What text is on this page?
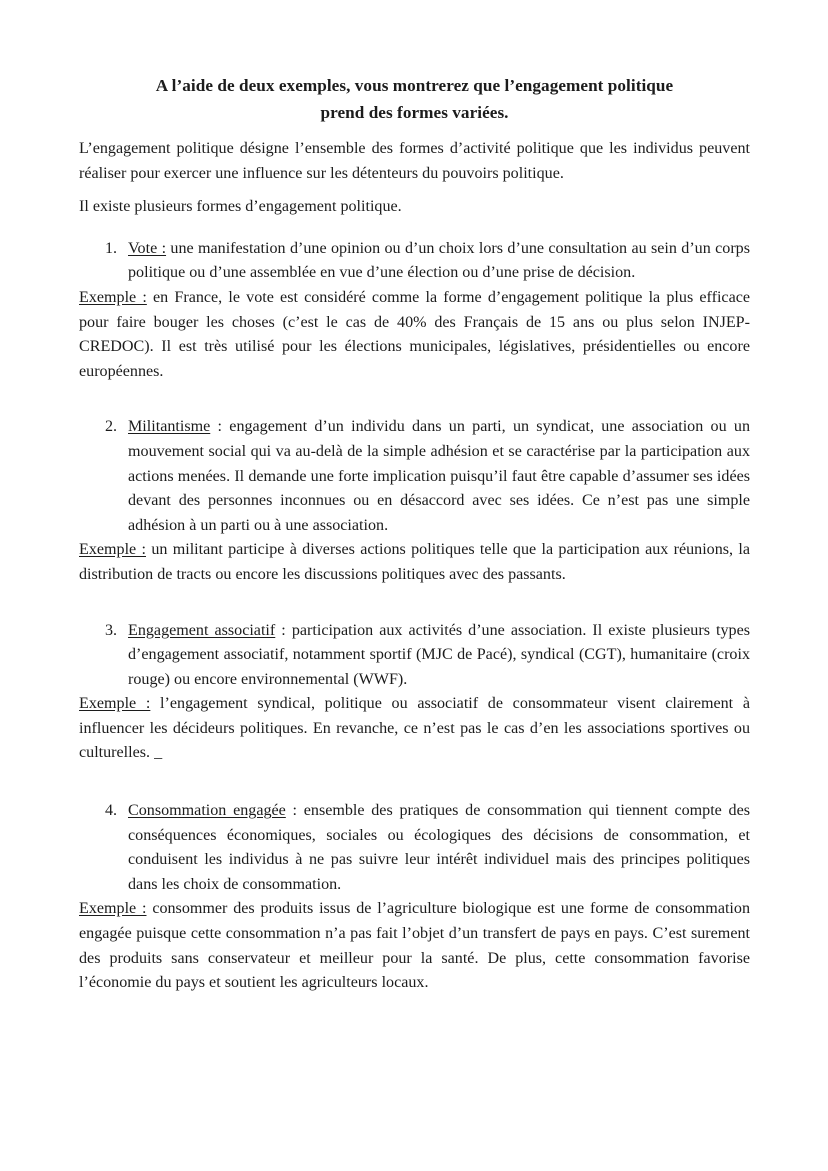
A l’aide de deux exemples, vous montrerez que l’engagement politique
prend des formes variées.

L’engagement politique désigne l’ensemble des formes d’activité politique que les individus peuvent réaliser pour exercer une influence sur les détenteurs du pouvoirs politique.

Il existe plusieurs formes d’engagement politique.

1. Vote : une manifestation d’une opinion ou d’un choix lors d’une consultation au sein d’un corps politique ou d’une assemblée en vue d’une élection ou d’une prise de décision.

Exemple : en France, le vote est considéré comme la forme d’engagement politique la plus efficace pour faire bouger les choses (c’est le cas de 40% des Français de 15 ans ou plus selon INJEP-CREDOC). Il est très utilisé pour les élections municipales, législatives, présidentielles ou encore européennes.

2. Militantisme : engagement d’un individu dans un parti, un syndicat, une association ou un mouvement social qui va au-delà de la simple adhésion et se caractérise par la participation aux actions menées. Il demande une forte implication puisqu’il faut être capable d’assumer ses idées devant des personnes inconnues ou en désaccord avec ses idées. Ce n’est pas une simple adhésion à un parti ou à une association.

Exemple : un militant participe à diverses actions politiques telle que la participation aux réunions, la distribution de tracts ou encore les discussions politiques avec des passants.

3. Engagement associatif : participation aux activités d’une association. Il existe plusieurs types d’engagement associatif, notamment sportif (MJC de Pacé), syndical (CGT), humanitaire (croix rouge) ou encore environnemental (WWF).

Exemple : l’engagement syndical, politique ou associatif de consommateur visent clairement à influencer les décideurs politiques. En revanche, ce n’est pas le cas d’en les associations sportives ou culturelles. _

4. Consommation engagée : ensemble des pratiques de consommation qui tiennent compte des conséquences économiques, sociales ou écologiques des décisions de consommation, et conduisent les individus à ne pas suivre leur intérêt individuel mais des principes politiques dans les choix de consommation.

Exemple : consommer des produits issus de l’agriculture biologique est une forme de consommation engagée puisque cette consommation n’a pas fait l’objet d’un transfert de pays en pays. C’est surement des produits sans conservateur et meilleur pour la santé. De plus, cette consommation favorise l’économie du pays et soutient les agriculteurs locaux.
